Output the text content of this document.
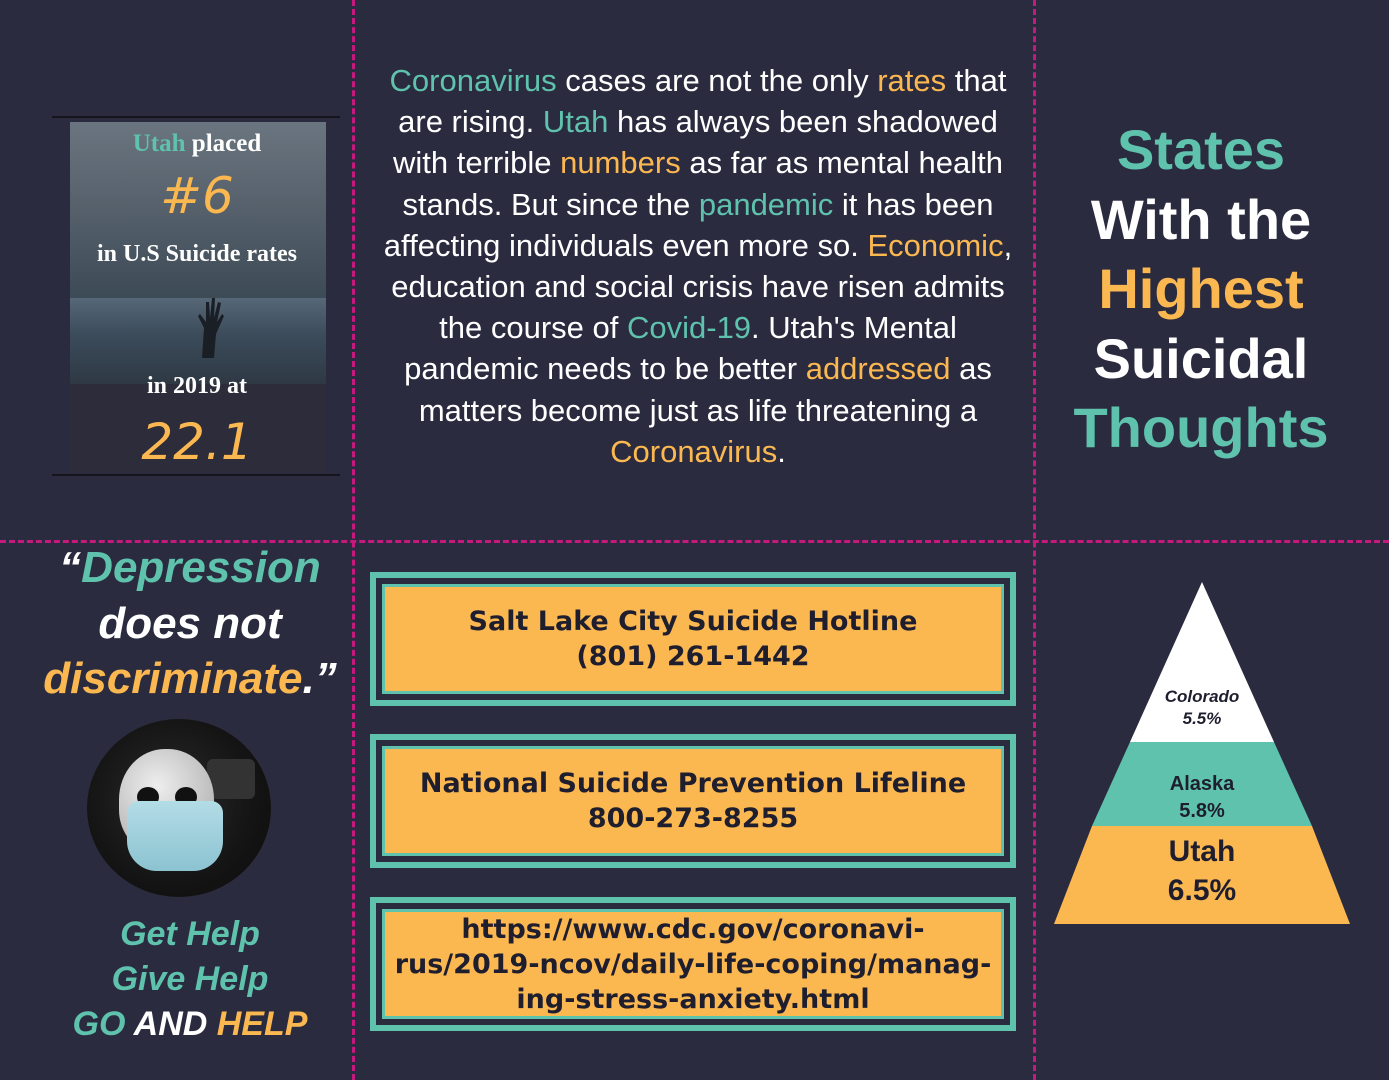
Utah placed
#6
in U.S Suicide rates
in 2019 at
22.1
Coronavirus cases are not the only rates that are rising. Utah has always been shadowed with terrible numbers as far as mental health stands. But since the pandemic it has been affecting individuals even more so. Economic, education and social crisis have risen admits the course of Covid-19. Utah's Mental pandemic needs to be better addressed as matters become just as life threatening a Coronavirus.
States
With the
Highest
Suicidal
Thoughts
“Depression
does not
discriminate.”
Get Help
Give Help
GO AND HELP
Salt Lake City Suicide Hotline
(801) 261-1442
National Suicide Prevention Lifeline
800-273-8255
https://www.cdc.gov/coronavi-
rus/2019-ncov/daily-life-coping/manag-
ing-stress-anxiety.html
Colorado
5.5%
Alaska
5.8%
Utah
6.5%
